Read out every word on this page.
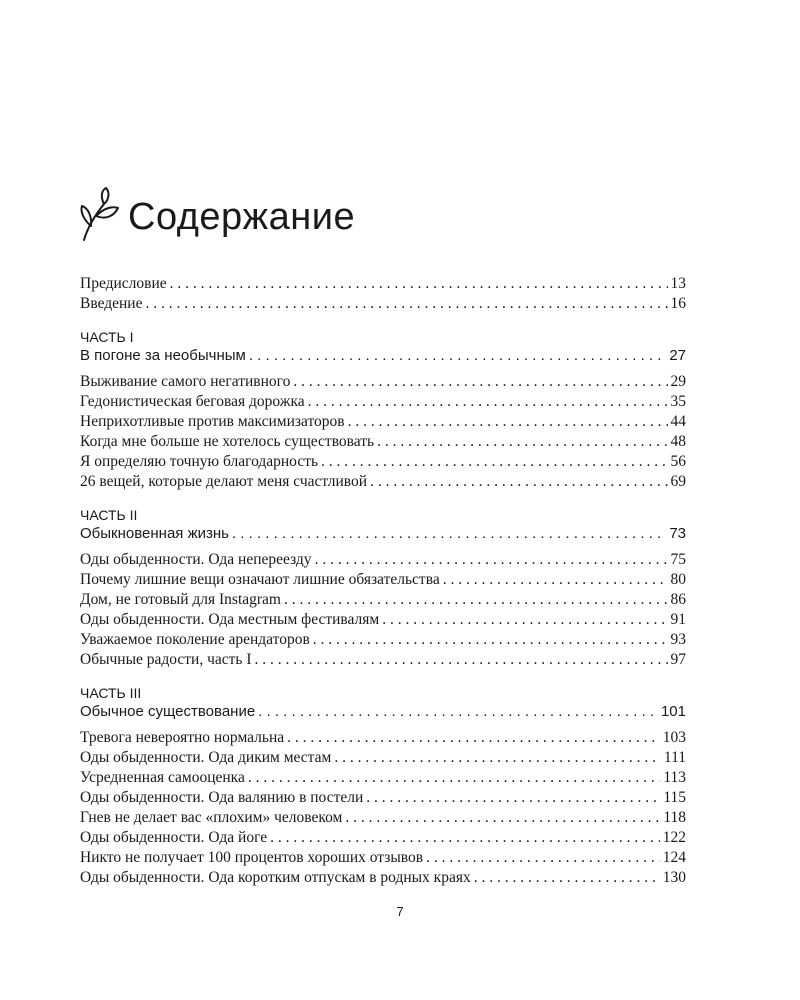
Содержание
Предисловие . . .	13
Введение . . .	16
ЧАСТЬ I
В погоне за необычным . . .	27
Выживание самого негативного . . .	29
Гедонистическая беговая дорожка . . .	35
Неприхотливые против максимизаторов . . .	44
Когда мне больше не хотелось существовать . . .	48
Я определяю точную благодарность . . .	56
26 вещей, которые делают меня счастливой . . .	69
ЧАСТЬ II
Обыкновенная жизнь . . .	73
Оды обыденности. Ода непереезду . . .	75
Почему лишние вещи означают лишние обязательства . . .	80
Дом, не готовый для Instagram . . .	86
Оды обыденности. Ода местным фестивалям . . .	91
Уважаемое поколение арендаторов . . .	93
Обычные радости, часть I . . .	97
ЧАСТЬ III
Обычное существование . . .	101
Тревога невероятно нормальна . . .	103
Оды обыденности. Ода диким местам . . .	111
Усредненная самооценка . . .	113
Оды обыденности. Ода валянию в постели . . .	115
Гнев не делает вас «плохим» человеком . . .	118
Оды обыденности. Ода йоге . . .	122
Никто не получает 100 процентов хороших отзывов . . .	124
Оды обыденности. Ода коротким отпускам в родных краях . . .	130
7
